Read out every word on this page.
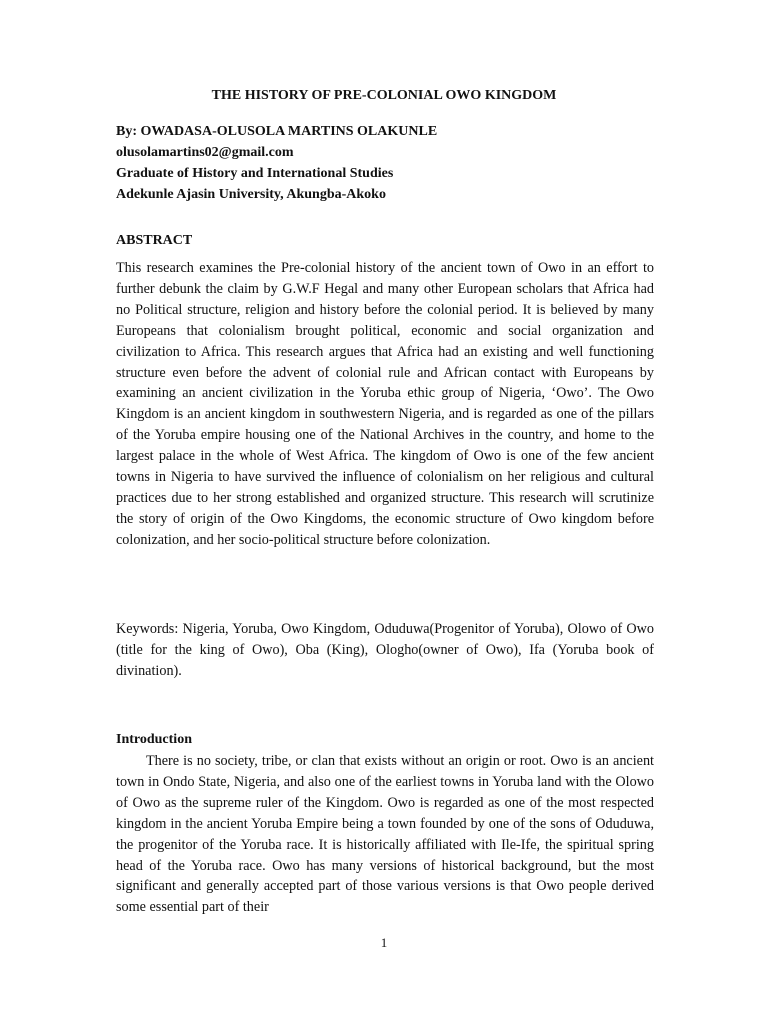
THE HISTORY OF PRE-COLONIAL OWO KINGDOM
By: OWADASA-OLUSOLA MARTINS OLAKUNLE
olusolamartins02@gmail.com
Graduate of History and International Studies
Adekunle Ajasin University, Akungba-Akoko
ABSTRACT

This research examines the Pre-colonial history of the ancient town of Owo in an effort to further debunk the claim by G.W.F Hegal and many other European scholars that Africa had no Political structure, religion and history before the colonial period. It is believed by many Europeans that colonialism brought political, economic and social organization and civilization to Africa. This research argues that Africa had an existing and well functioning structure even before the advent of colonial rule and African contact with Europeans by examining an ancient civilization in the Yoruba ethic group of Nigeria, ‘Owo’. The Owo Kingdom is an ancient kingdom in southwestern Nigeria, and is regarded as one of the pillars of the Yoruba empire housing one of the National Archives in the country, and home to the largest palace in the whole of West Africa. The kingdom of Owo is one of the few ancient towns in Nigeria to have survived the influence of colonialism on her religious and cultural practices due to her strong established and organized structure. This research will scrutinize the story of origin of the Owo Kingdoms, the economic structure of Owo kingdom before colonization, and her socio-political structure before colonization.

Keywords: Nigeria, Yoruba, Owo Kingdom, Oduduwa(Progenitor of Yoruba), Olowo of Owo (title for the king of Owo), Oba (King), Ologho(owner of Owo), Ifa (Yoruba book of divination).

Introduction

There is no society, tribe, or clan that exists without an origin or root. Owo is an ancient town in Ondo State, Nigeria, and also one of the earliest towns in Yoruba land with the Olowo of Owo as the supreme ruler of the Kingdom. Owo is regarded as one of the most respected kingdom in the ancient Yoruba Empire being a town founded by one of the sons of Oduduwa, the progenitor of the Yoruba race. It is historically affiliated with Ile-Ife, the spiritual spring head of the Yoruba race. Owo has many versions of historical background, but the most significant and generally accepted part of those various versions is that Owo people derived some essential part of their

1
